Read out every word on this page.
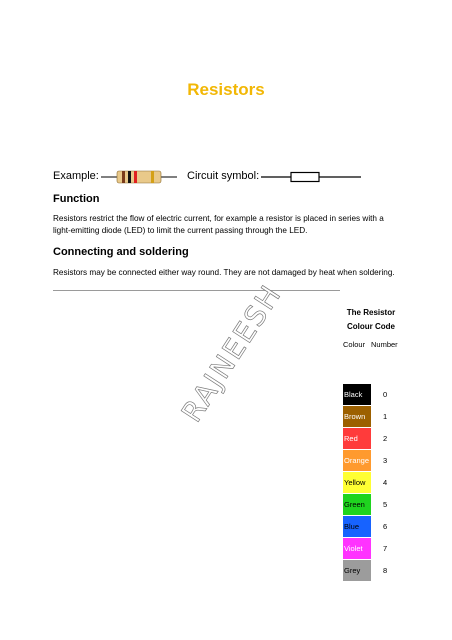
Resistors
Example:	Circuit symbol:
Function
Resistors restrict the flow of electric current, for example a resistor is placed in series with a light-emitting diode (LED) to limit the current passing through the LED.
Connecting and soldering
Resistors may be connected either way round. They are not damaged by heat when soldering.
RAJNEESH	The Resistor
Colour Code
Colour Number
Black	0
Brown	1
Red	2
Orange 3
Yellow	4
Green	5
Blue	6
Violet	7
Grey	8
